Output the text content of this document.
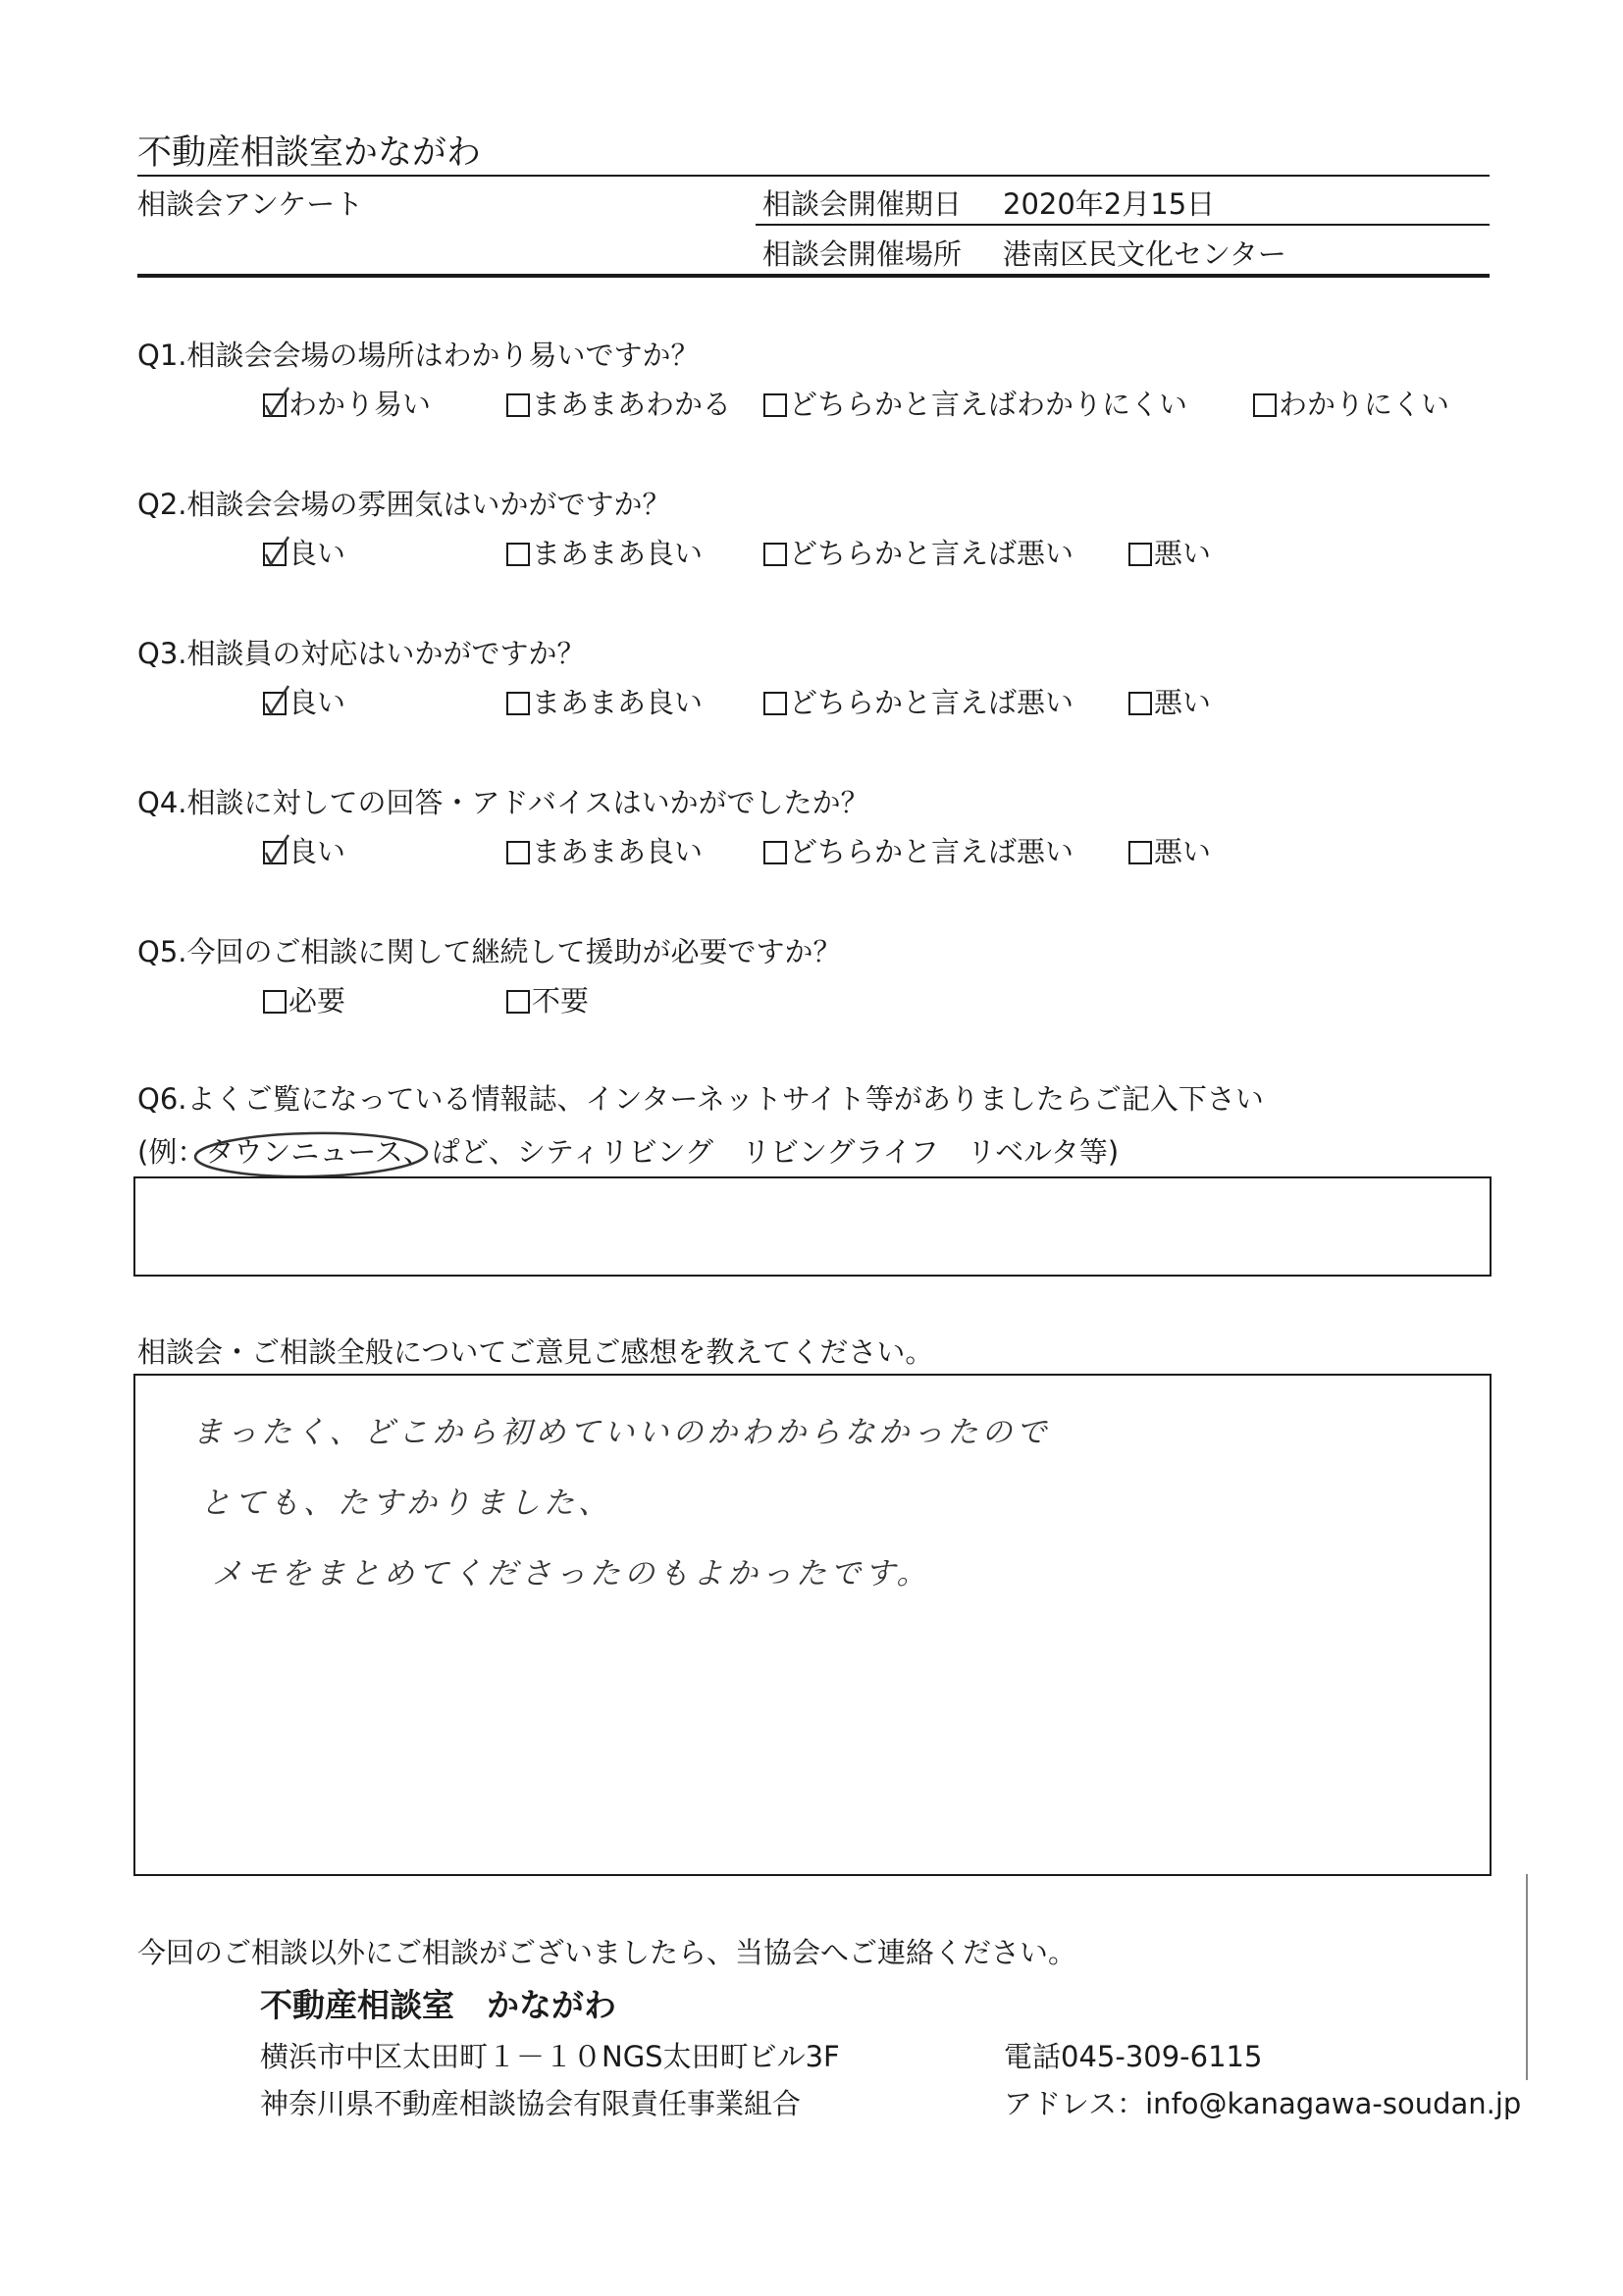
不動産相談室かながわ
相談会アンケート	相談会開催期日 2020年2月15日
相談会開催場所 港南区民文化センター
Q1.相談会会場の場所はわかり易いですか？
わかり易い	まあまあわかる	どちらかと言えばわかりにくい	わかりにくい
Q2.相談会会場の雰囲気はいかがですか？
良い	まあまあ良い	どちらかと言えば悪い	悪い
Q3.相談員の対応はいかがですか？
良い	まあまあ良い	どちらかと言えば悪い	悪い
Q4.相談に対しての回答・アドバイスはいかがでしたか？
良い	まあまあ良い	どちらかと言えば悪い	悪い
Q5.今回のご相談に関して継続して援助が必要ですか？
必要	不要
Q6.よくご覧になっている情報誌、インターネットサイト等がありましたらご記入下さい
(例：タウンニュース
、ぱど、シティリビング　リビングライフ　リベルタ等)
相談会・ご相談全般についてご意見ご感想を教えてください。
まったく、どこから初めていいのかわからなかったので
とても、たすかりました、
メモをまとめてくださったのもよかったです。
今回のご相談以外にご相談がございましたら、当協会へご連絡ください。
不動産相談室　かながわ
横浜市中区太田町１－１０NGS太田町ビル3F	電話045-309-6115
神奈川県不動産相談協会有限責任事業組合	アドレス：info@kanagawa-soudan.jp
